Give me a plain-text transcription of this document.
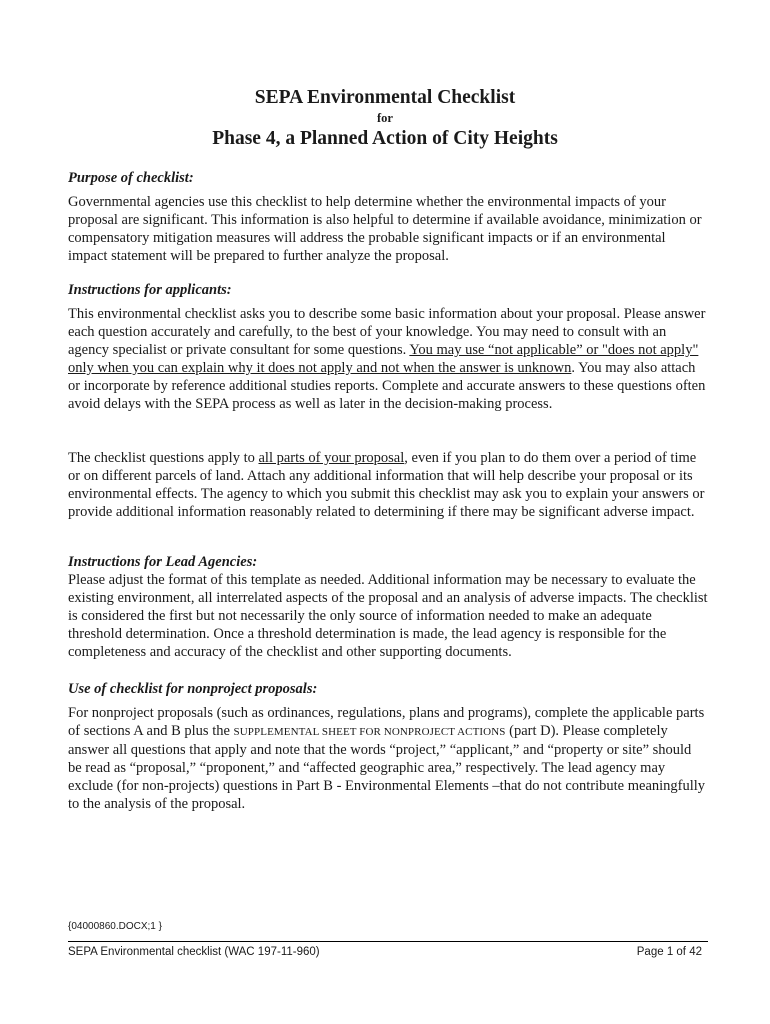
SEPA Environmental Checklist
for
Phase 4, a Planned Action of City Heights

Purpose of checklist:

Governmental agencies use this checklist to help determine whether the environmental impacts of your proposal are significant. This information is also helpful to determine if available avoidance, minimization or compensatory mitigation measures will address the probable significant impacts or if an environmental impact statement will be prepared to further analyze the proposal.

Instructions for applicants:

This environmental checklist asks you to describe some basic information about your proposal. Please answer each question accurately and carefully, to the best of your knowledge. You may need to consult with an agency specialist or private consultant for some questions. You may use “not applicable” or "does not apply" only when you can explain why it does not apply and not when the answer is unknown. You may also attach or incorporate by reference additional studies reports. Complete and accurate answers to these questions often avoid delays with the SEPA process as well as later in the decision-making process.

The checklist questions apply to all parts of your proposal, even if you plan to do them over a period of time or on different parcels of land. Attach any additional information that will help describe your proposal or its environmental effects. The agency to which you submit this checklist may ask you to explain your answers or provide additional information reasonably related to determining if there may be significant adverse impact.

Instructions for Lead Agencies:

Please adjust the format of this template as needed. Additional information may be necessary to evaluate the existing environment, all interrelated aspects of the proposal and an analysis of adverse impacts. The checklist is considered the first but not necessarily the only source of information needed to make an adequate threshold determination. Once a threshold determination is made, the lead agency is responsible for the completeness and accuracy of the checklist and other supporting documents.

Use of checklist for nonproject proposals:

For nonproject proposals (such as ordinances, regulations, plans and programs), complete the applicable parts of sections A and B plus the SUPPLEMENTAL SHEET FOR NONPROJECT ACTIONS (part D). Please completely answer all questions that apply and note that the words “project,” “applicant,” and “property or site” should be read as “proposal,” “proponent,” and “affected geographic area,” respectively. The lead agency may exclude (for non-projects) questions in Part B - Environmental Elements –that do not contribute meaningfully to the analysis of the proposal.

{04000860.DOCX;1 }
SEPA Environmental checklist (WAC 197-11-960)	Page 1 of 42
